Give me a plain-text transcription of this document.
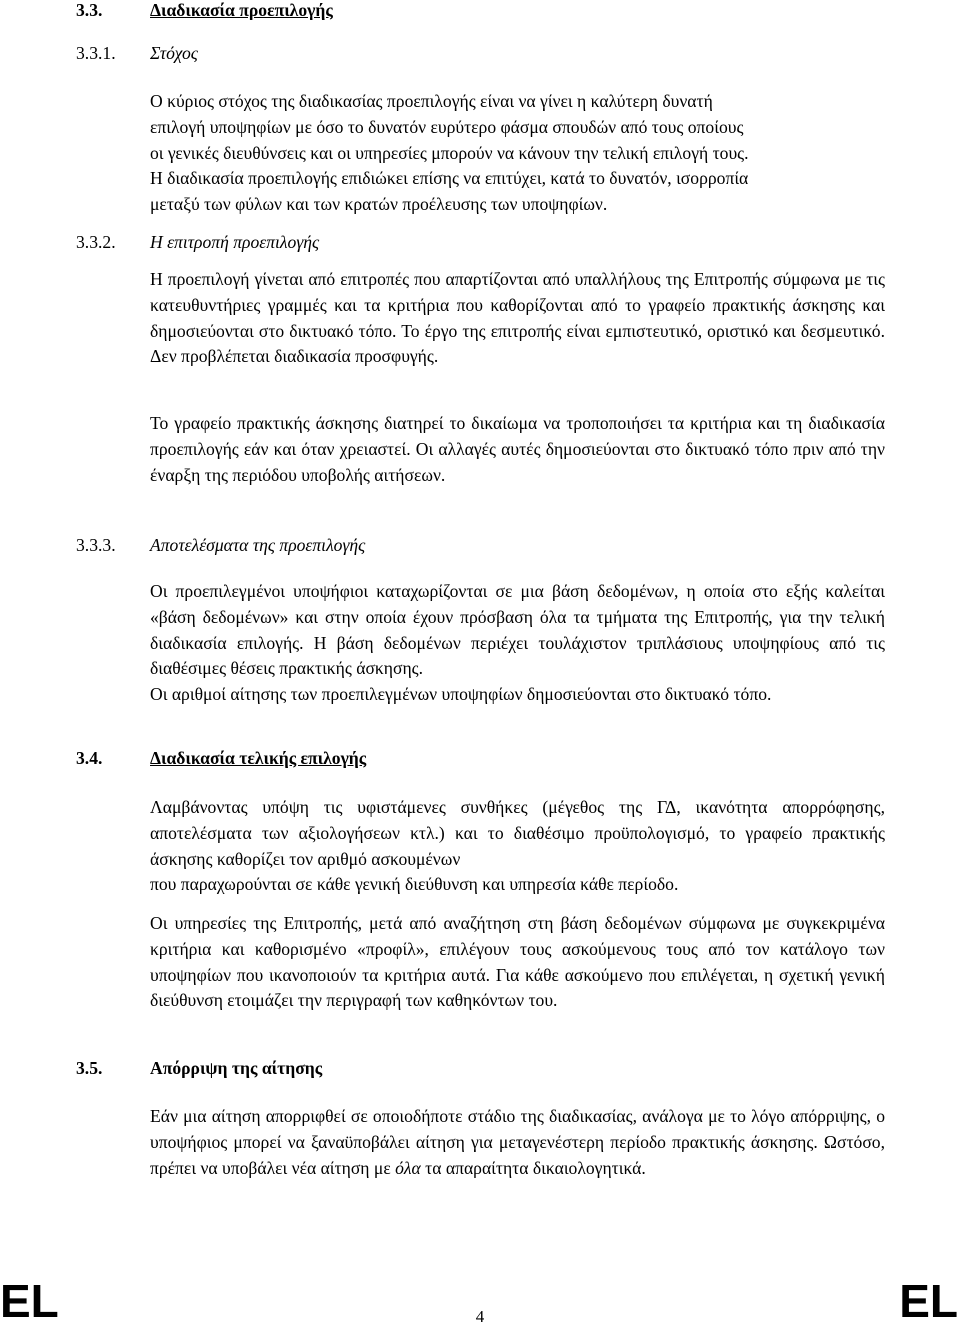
3.3.	Διαδικασία προεπιλογής
3.3.1. Στόχος
Ο κύριος στόχος της διαδικασίας προεπιλογής είναι να γίνει η καλύτερη δυνατή
επιλογή υποψηφίων με όσο το δυνατόν ευρύτερο φάσμα σπουδών από τους οποίους
οι γενικές διευθύνσεις και οι υπηρεσίες μπορούν να κάνουν την τελική επιλογή τους.
Η διαδικασία προεπιλογής επιδιώκει επίσης να επιτύχει, κατά το δυνατόν, ισορροπία
μεταξύ των φύλων και των κρατών προέλευσης των υποψηφίων.
3.3.2. Η επιτροπή προεπιλογής
Η προεπιλογή γίνεται από επιτροπές που απαρτίζονται από υπαλλήλους της Επιτροπής σύμφωνα με τις κατευθυντήριες γραμμές και τα κριτήρια που καθορίζονται από το γραφείο πρακτικής άσκησης και δημοσιεύονται στο δικτυακό τόπο. Το έργο της επιτροπής είναι εμπιστευτικό, οριστικό και δεσμευτικό. Δεν προβλέπεται διαδικασία προσφυγής.
Το γραφείο πρακτικής άσκησης διατηρεί το δικαίωμα να τροποποιήσει τα κριτήρια και τη διαδικασία προεπιλογής εάν και όταν χρειαστεί. Οι αλλαγές αυτές δημοσιεύονται στο δικτυακό τόπο πριν από την έναρξη της περιόδου υποβολής αιτήσεων.
3.3.3. Αποτελέσματα της προεπιλογής
Οι προεπιλεγμένοι υποψήφιοι καταχωρίζονται σε μια βάση δεδομένων, η οποία στο εξής καλείται «βάση δεδομένων» και στην οποία έχουν πρόσβαση όλα τα τμήματα της Επιτροπής, για την τελική διαδικασία επιλογής. Η βάση δεδομένων περιέχει τουλάχιστον τριπλάσιους υποψηφίους από τις διαθέσιμες θέσεις πρακτικής άσκησης.
Οι αριθμοί αίτησης των προεπιλεγμένων υποψηφίων δημοσιεύονται στο δικτυακό τόπο.
3.4.	Διαδικασία τελικής επιλογής
Λαμβάνοντας υπόψη τις υφιστάμενες συνθήκες (μέγεθος της ΓΔ, ικανότητα απορρόφησης, αποτελέσματα των αξιολογήσεων κτλ.) και το διαθέσιμο προϋπολογισμό, το γραφείο πρακτικής άσκησης καθορίζει τον αριθμό ασκουμένων
που παραχωρούνται σε κάθε γενική διεύθυνση και υπηρεσία κάθε περίοδο.
Οι υπηρεσίες της Επιτροπής, μετά από αναζήτηση στη βάση δεδομένων σύμφωνα με συγκεκριμένα κριτήρια και καθορισμένο «προφίλ», επιλέγουν τους ασκούμενους τους από τον κατάλογο των υποψηφίων που ικανοποιούν τα κριτήρια αυτά. Για κάθε ασκούμενο που επιλέγεται, η σχετική γενική διεύθυνση ετοιμάζει την περιγραφή των καθηκόντων του.
3.5.	Απόρριψη της αίτησης
Εάν μια αίτηση απορριφθεί σε οποιοδήποτε στάδιο της διαδικασίας, ανάλογα με το λόγο απόρριψης, ο υποψήφιος μπορεί να ξαναϋποβάλει αίτηση για μεταγενέστερη περίοδο πρακτικής άσκησης. Ωστόσο, πρέπει να υποβάλει νέα αίτηση με όλα τα απαραίτητα δικαιολογητικά.
EL	4	EL
